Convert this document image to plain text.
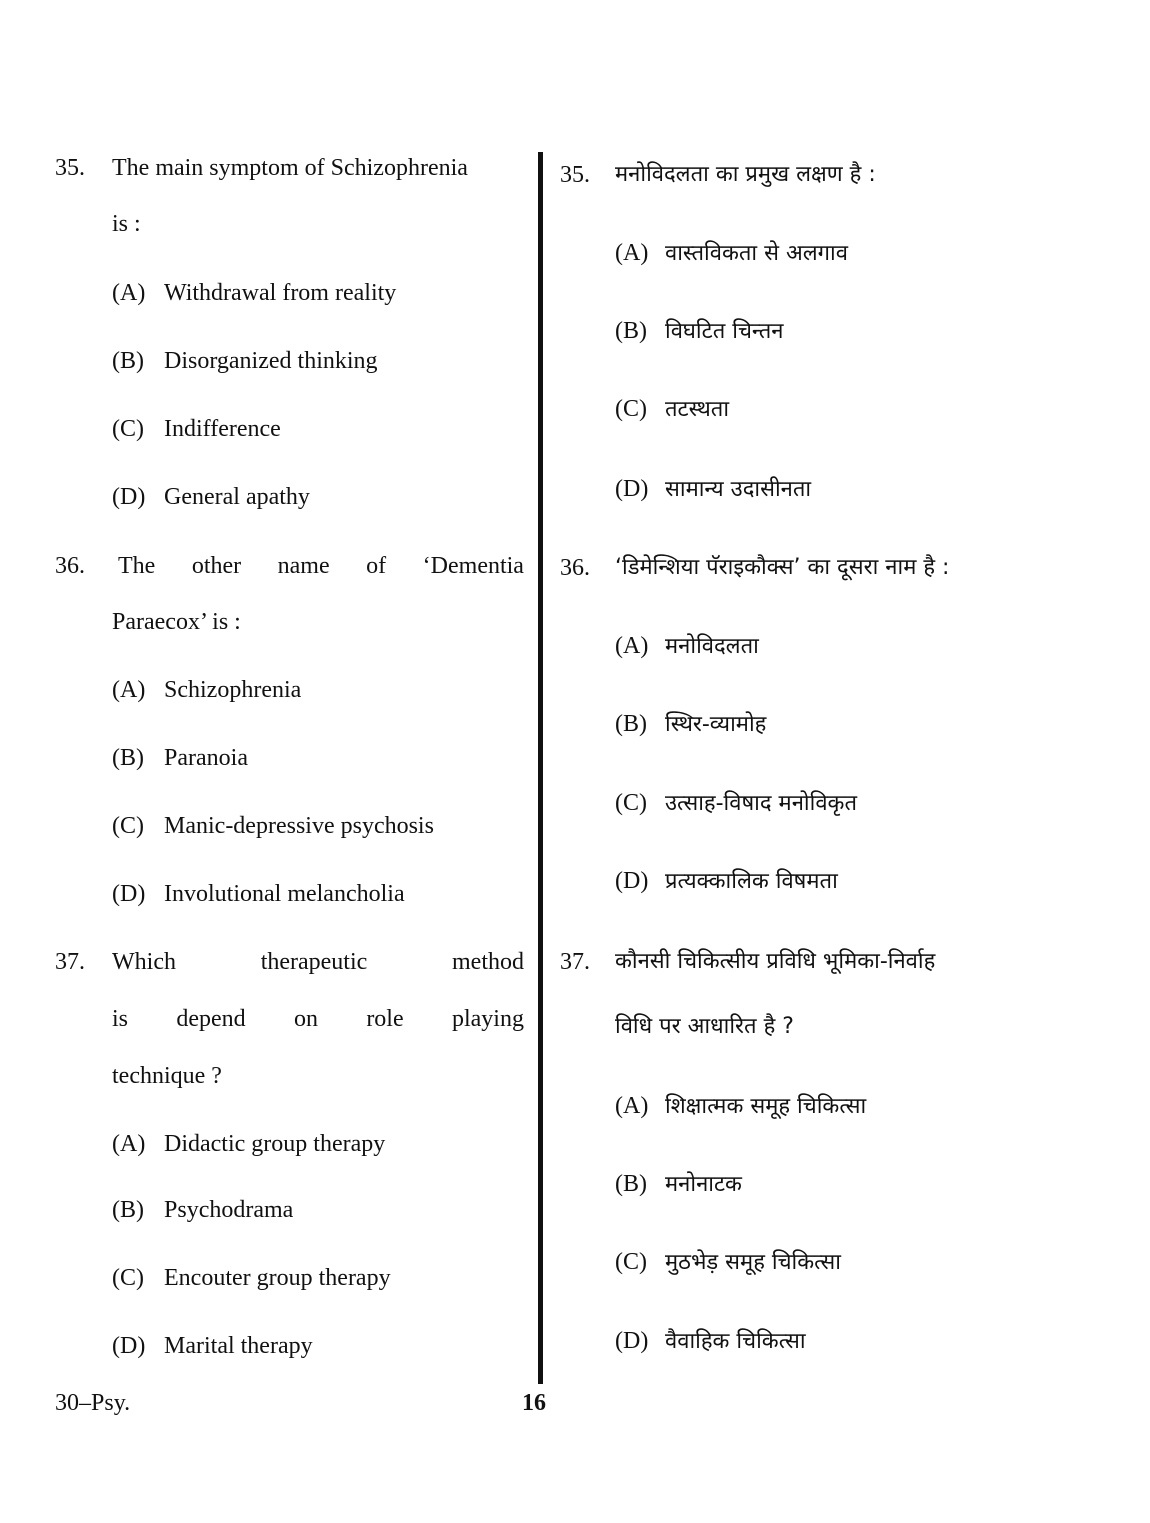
35. The main symptom of Schizophrenia
is :
(A) Withdrawal from reality
(B) Disorganized thinking
(C) Indifference
(D) General apathy
36. The other name of ‘Dementia
Paraecox’ is :
(A) Schizophrenia
(B) Paranoia
(C) Manic-depressive psychosis
(D) Involutional melancholia
37. Which	therapeutic	method
is depend on role playing
technique ?
(A) Didactic group therapy
(B) Psychodrama
(C) Encouter group therapy
(D) Marital therapy
35. मनोविदलता का प्रमुख लक्षण है :
(A) वास्तविकता से अलगाव
(B) विघटित चिन्तन
(C) तटस्थता
(D) सामान्य उदासीनता
36. ‘डिमेन्शिया पॅराइकौक्स’ का दूसरा नाम है :
(A) मनोविदलता
(B) स्थिर-व्यामोह
(C) उत्साह-विषाद मनोविकृत
(D) प्रत्यक्कालिक विषमता
37. कौनसी चिकित्सीय प्रविधि भूमिका-निर्वाह
विधि पर आधारित है ?
(A) शिक्षात्मक समूह चिकित्सा
(B) मनोनाटक
(C) मुठभेड़ समूह चिकित्सा
(D) वैवाहिक चिकित्सा
30–Psy.	16
